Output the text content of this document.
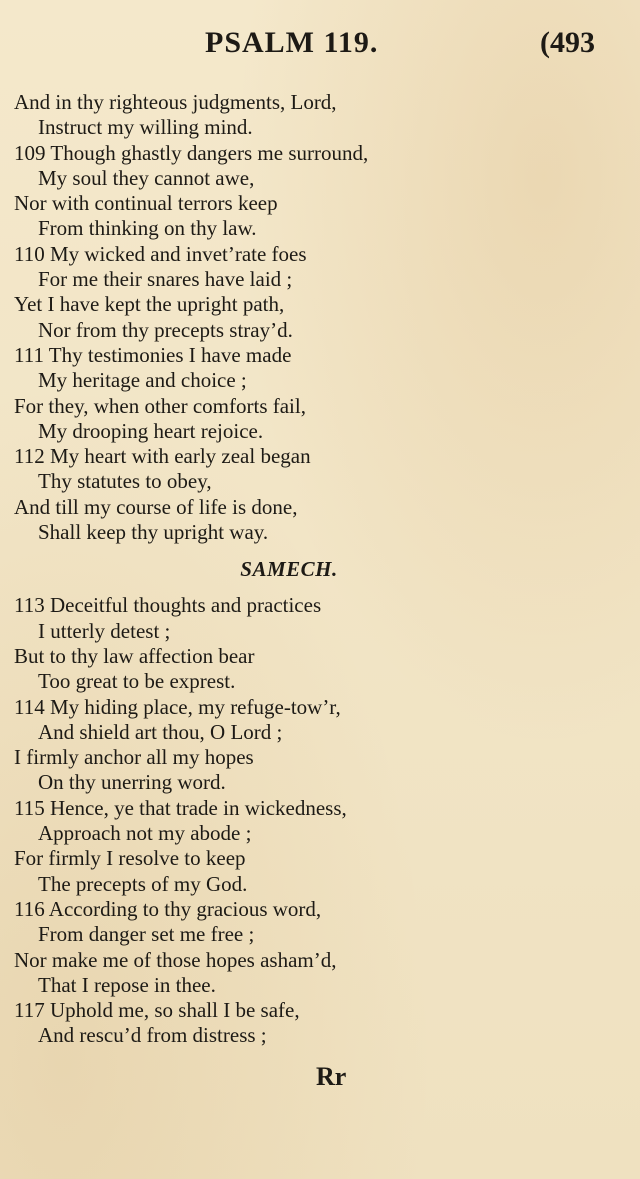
PSALM 119.	(493
And in thy righteous judgments, Lord,
Instruct my willing mind.
109 Though ghastly dangers me surround,
My soul they cannot awe,
Nor with continual terrors keep
From thinking on thy law.
110 My wicked and invet’rate foes
For me their snares have laid ;
Yet I have kept the upright path,
Nor from thy precepts stray’d.
111 Thy testimonies I have made
My heritage and choice ;
For they, when other comforts fail,
My drooping heart rejoice.
112 My heart with early zeal began
Thy statutes to obey,
And till my course of life is done,
Shall keep thy upright way.
SAMECH.
113 Deceitful thoughts and practices
I utterly detest ;
But to thy law affection bear
Too great to be exprest.
114 My hiding place, my refuge-tow’r,
And shield art thou, O Lord ;
I firmly anchor all my hopes
On thy unerring word.
115 Hence, ye that trade in wickedness,
Approach not my abode ;
For firmly I resolve to keep
The precepts of my God.
116 According to thy gracious word,
From danger set me free ;
Nor make me of those hopes asham’d,
That I repose in thee.
117 Uphold me, so shall I be safe,
And rescu’d from distress ;
Rr
